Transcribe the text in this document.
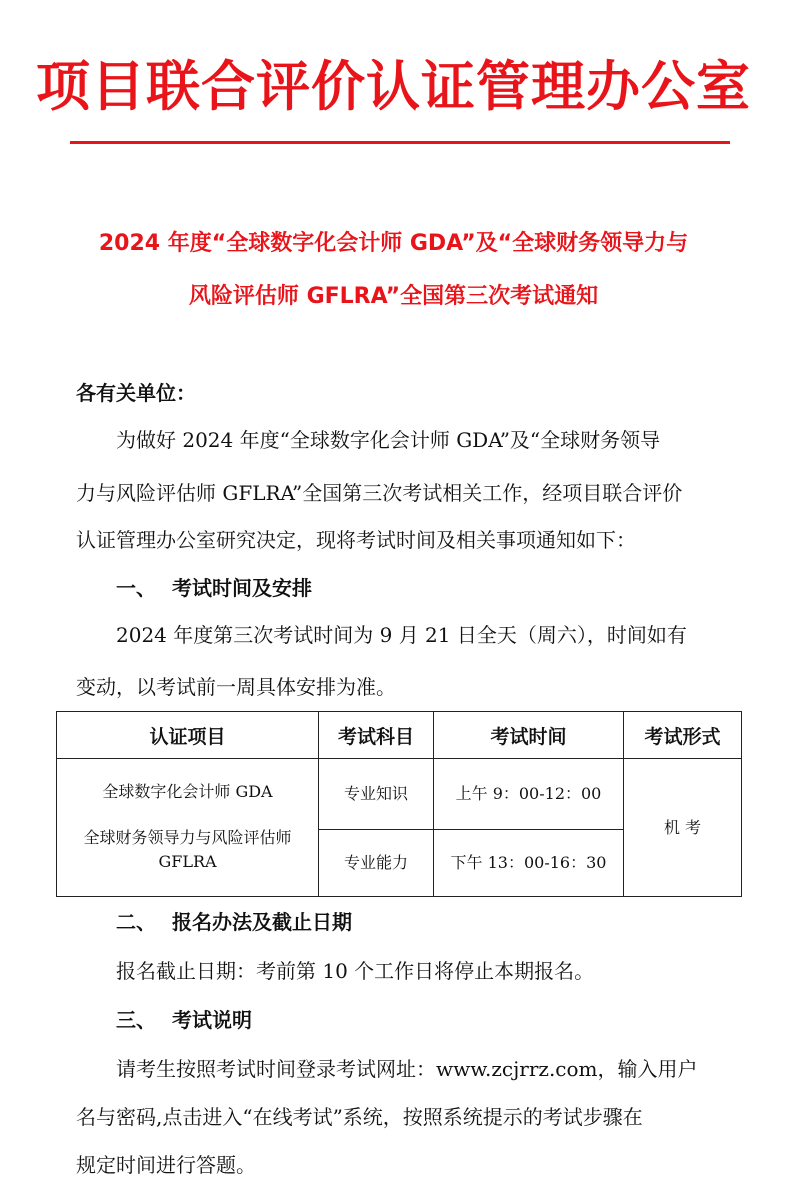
项目联合评价认证管理办公室
2024 年度“全球数字化会计师 GDA”及“全球财务领导力与
风险评估师 GFLRA”全国第三次考试通知
各有关单位：
为做好 2024 年度“全球数字化会计师 GDA”及“全球财务领导
力与风险评估师 GFLRA”全国第三次考试相关工作，经项目联合评价
认证管理办公室研究决定，现将考试时间及相关事项通知如下：
一、 考试时间及安排
2024 年度第三次考试时间为 9 月 21 日全天（周六），时间如有
变动，以考试前一周具体安排为准。
认证项目	考试科目	考试时间	考试形式

全球数字化会计师 GDA
全球财务领导力与风险评估师
GFLRA	专业知识	上午 9：00-12：00	机 考
	专业能力	下午 13：00-16：30	
二、 报名办法及截止日期
报名截止日期：考前第 10 个工作日将停止本期报名。
三、 考试说明
请考生按照考试时间登录考试网址：www.zcjrrz.com，输入用户
名与密码,点击进入“在线考试”系统，按照系统提示的考试步骤在
规定时间进行答题。
